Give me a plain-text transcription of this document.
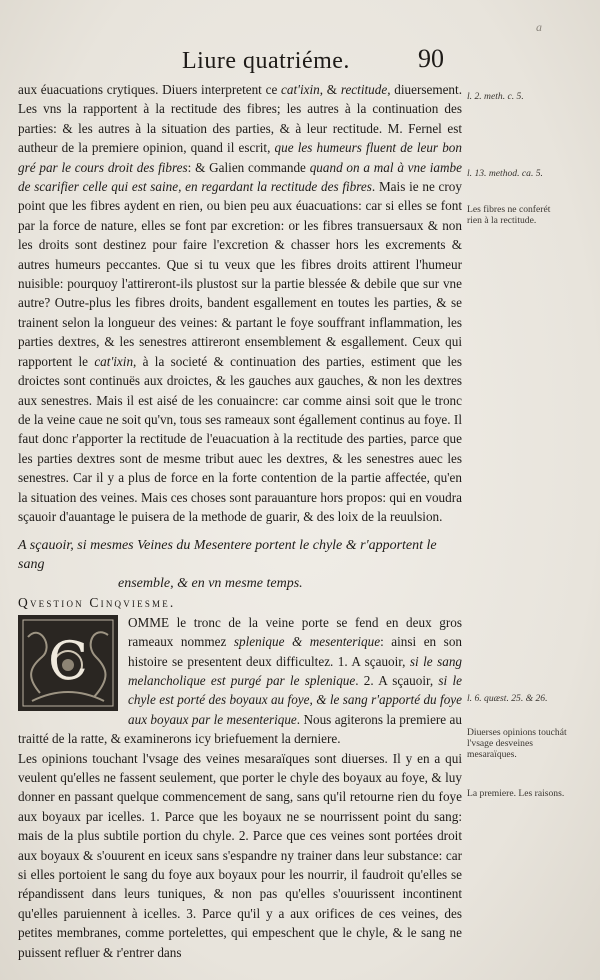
a
Liure quatriéme.	90
l. 2. meth. c. 5.
l. 13. method. ca. 5.
Les fibres ne conferét rien à la rectitude.
l. 6. quæst. 25. & 26.
Diuerses opinions touchát l'vsage desveines mesaraïques.
La premiere. Les raisons.

aux éuacuations crytiques. Diuers interpretent ce cat'ixin, & rectitude, diuersement. Les vns la rapportent à la rectitude des fibres; les autres à la continuation des parties: & les autres à la situation des parties, & à leur rectitude. M. Fernel est autheur de la premiere opinion, quand il escrit, que les humeurs fluent de leur bon gré par le cours droit des fibres: & Galien commande quand on a mal à vne iambe de scarifier celle qui est saine, en regardant la rectitude des fibres. Mais ie ne croy point que les fibres aydent en rien, ou bien peu aux éuacuations: car si elles se font par la force de nature, elles se font par excretion: or les fibres transuersaux & non les droits sont destinez pour faire l'excretion & chasser hors les excrements & autres humeurs peccantes. Que si tu veux que les fibres droits attirent l'humeur nuisible: pourquoy l'attireront-ils plustost sur la partie blessée & debile que sur vne autre? Outre-plus les fibres droits, bandent esgallement en toutes les parties, & se trainent selon la longueur des veines: & partant le foye souffrant inflammation, les parties dextres, & les senestres attireront ensemblement & esgallement. Ceux qui rapportent le cat'ixin, à la societé & continuation des parties, estiment que les droictes sont continuës aux droictes, & les gauches aux gauches, & non les dextres aux senestres. Mais il est aisé de les conuaincre: car comme ainsi soit que le tronc de la veine caue ne soit qu'vn, tous ses rameaux sont égallement continus au foye. Il faut donc r'apporter la rectitude de l'euacuation à la rectitude des parties, parce que les parties dextres sont de mesme tribut auec les dextres, & les senestres auec les senestres. Car il y a plus de force en la forte contention de la partie affectée, qu'en la situation des veines. Mais ces choses sont parauanture hors propos: qui en voudra sçauoir d'auantage le puisera de la methode de guarir, & des loix de la reuulsion.

A sçauoir, si mesmes Veines du Mesentere portent le chyle & r'apportent le sang
ensemble, & en vn mesme temps.

Qvestion Cinqviesme.

C

OMME le tronc de la veine porte se fend en deux gros rameaux nommez splenique & mesenterique: ainsi en son histoire se presentent deux difficultez. 1. A sçauoir, si le sang melancholique est purgé par le splenique. 2. A sçauoir, si le chyle est porté des boyaux au foye, & le sang r'apporté du foye aux boyaux par le mesenterique. Nous agiterons la premiere au traitté de la ratte, & examinerons icy briefuement la derniere.

Les opinions touchant l'vsage des veines mesaraïques sont diuerses. Il y en a qui veulent qu'elles ne fassent seulement, que porter le chyle des boyaux au foye, & luy donner en passant quelque commencement de sang, sans qu'il retourne rien du foye aux boyaux par icelles. 1. Parce que les boyaux ne se nourrissent point du sang: mais de la plus subtile portion du chyle. 2. Parce que ces veines sont portées droit aux boyaux & s'ouurent en iceux sans s'espandre ny trainer dans leur substance: car si elles portoient le sang du foye aux boyaux pour les nourrir, il faudroit qu'elles se répandissent dans leurs tuniques, & non pas qu'elles s'ouurissent incontinent qu'elles paruiennent à icelles. 3. Parce qu'il y a aux orifices de ces veines, des petites membranes, comme portelettes, qui empeschent que le chyle, & le sang ne puissent refluer & r'entrer dans
